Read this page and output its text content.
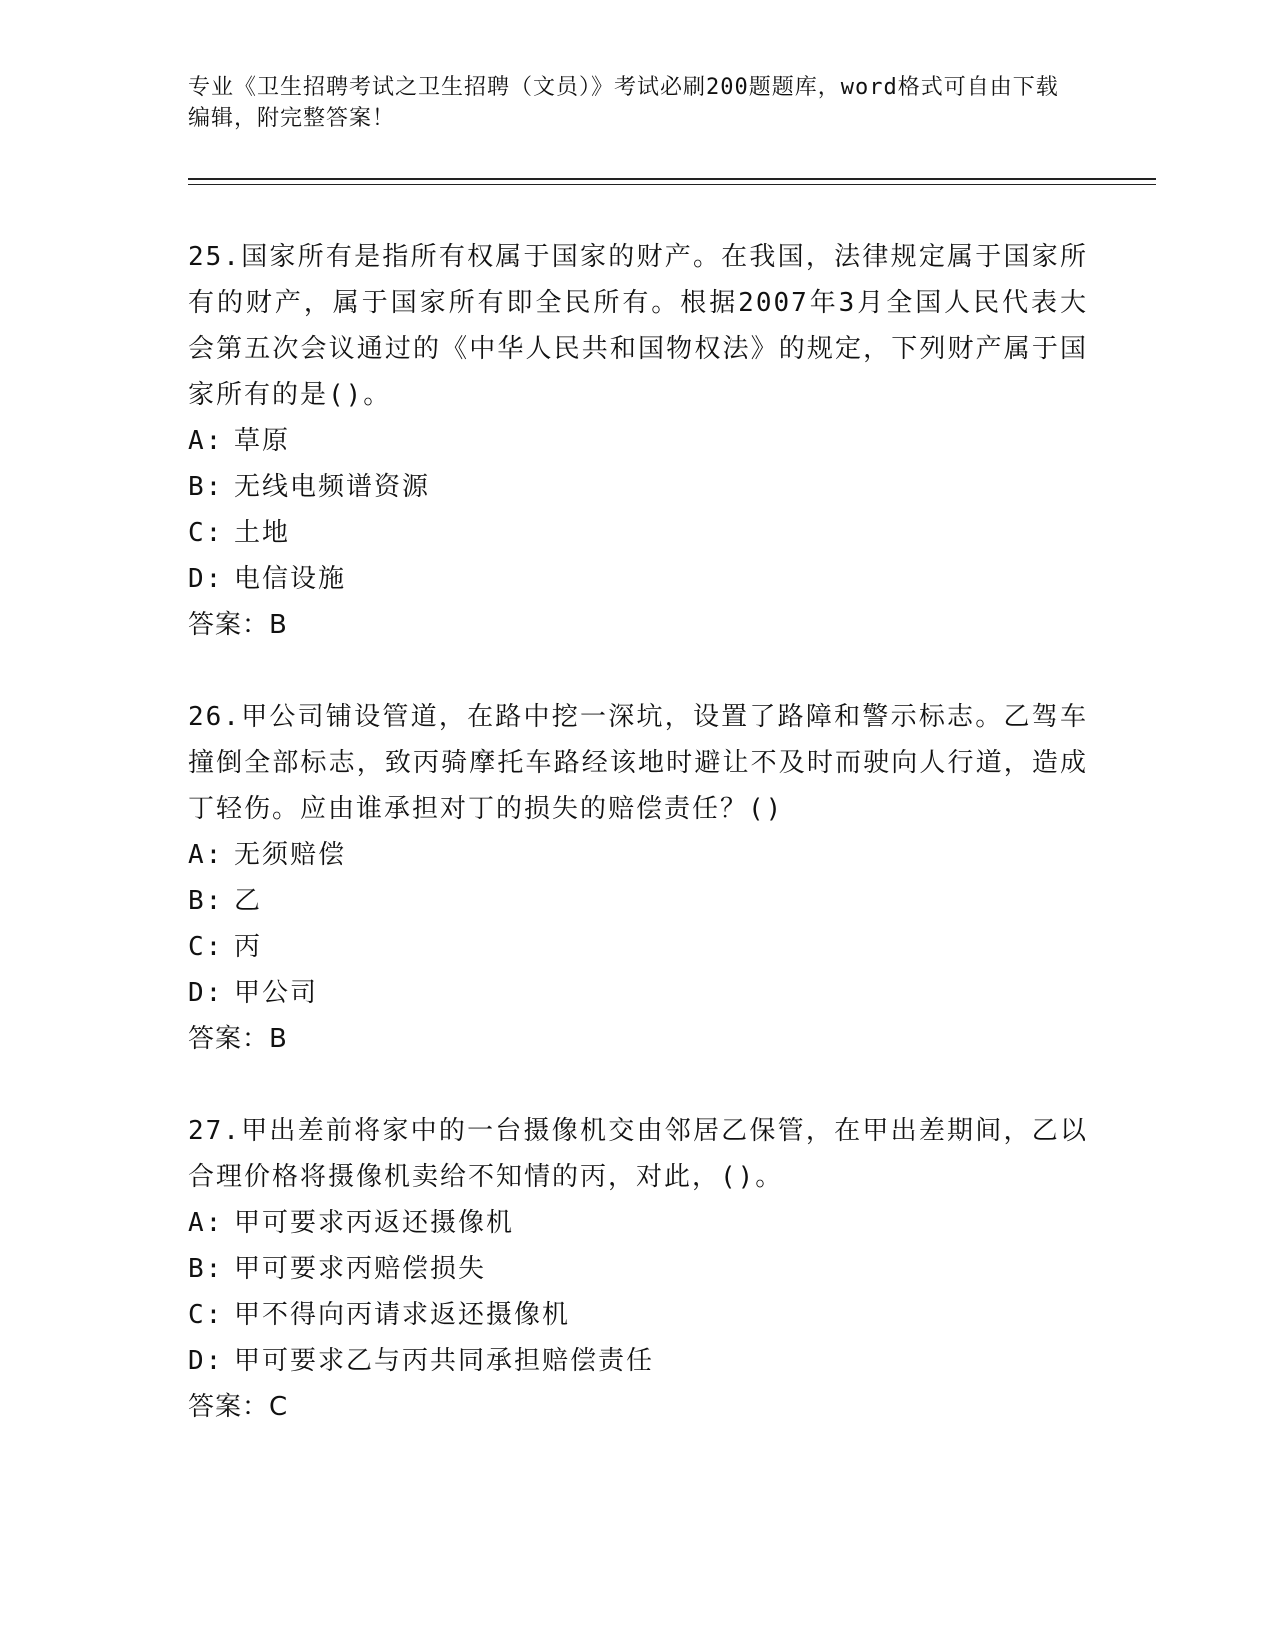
专业《卫生招聘考试之卫生招聘（文员）》考试必刷200题题库，word格式可自由下载编辑，附完整答案！

25.国家所有是指所有权属于国家的财产。在我国，法律规定属于国家所有的财产，属于国家所有即全民所有。根据2007年3月全国人民代表大会第五次会议通过的《中华人民共和国物权法》的规定，下列财产属于国家所有的是()。

A: 草原
B: 无线电频谱资源
C: 土地
D: 电信设施
答案：B

26.甲公司铺设管道，在路中挖一深坑，设置了路障和警示标志。乙驾车撞倒全部标志，致丙骑摩托车路经该地时避让不及时而驶向人行道，造成丁轻伤。应由谁承担对丁的损失的赔偿责任？()

A: 无须赔偿
B: 乙
C: 丙
D: 甲公司
答案：B

27.甲出差前将家中的一台摄像机交由邻居乙保管，在甲出差期间，乙以合理价格将摄像机卖给不知情的丙，对此，()。

A: 甲可要求丙返还摄像机
B: 甲可要求丙赔偿损失
C: 甲不得向丙请求返还摄像机
D: 甲可要求乙与丙共同承担赔偿责任
答案：C
